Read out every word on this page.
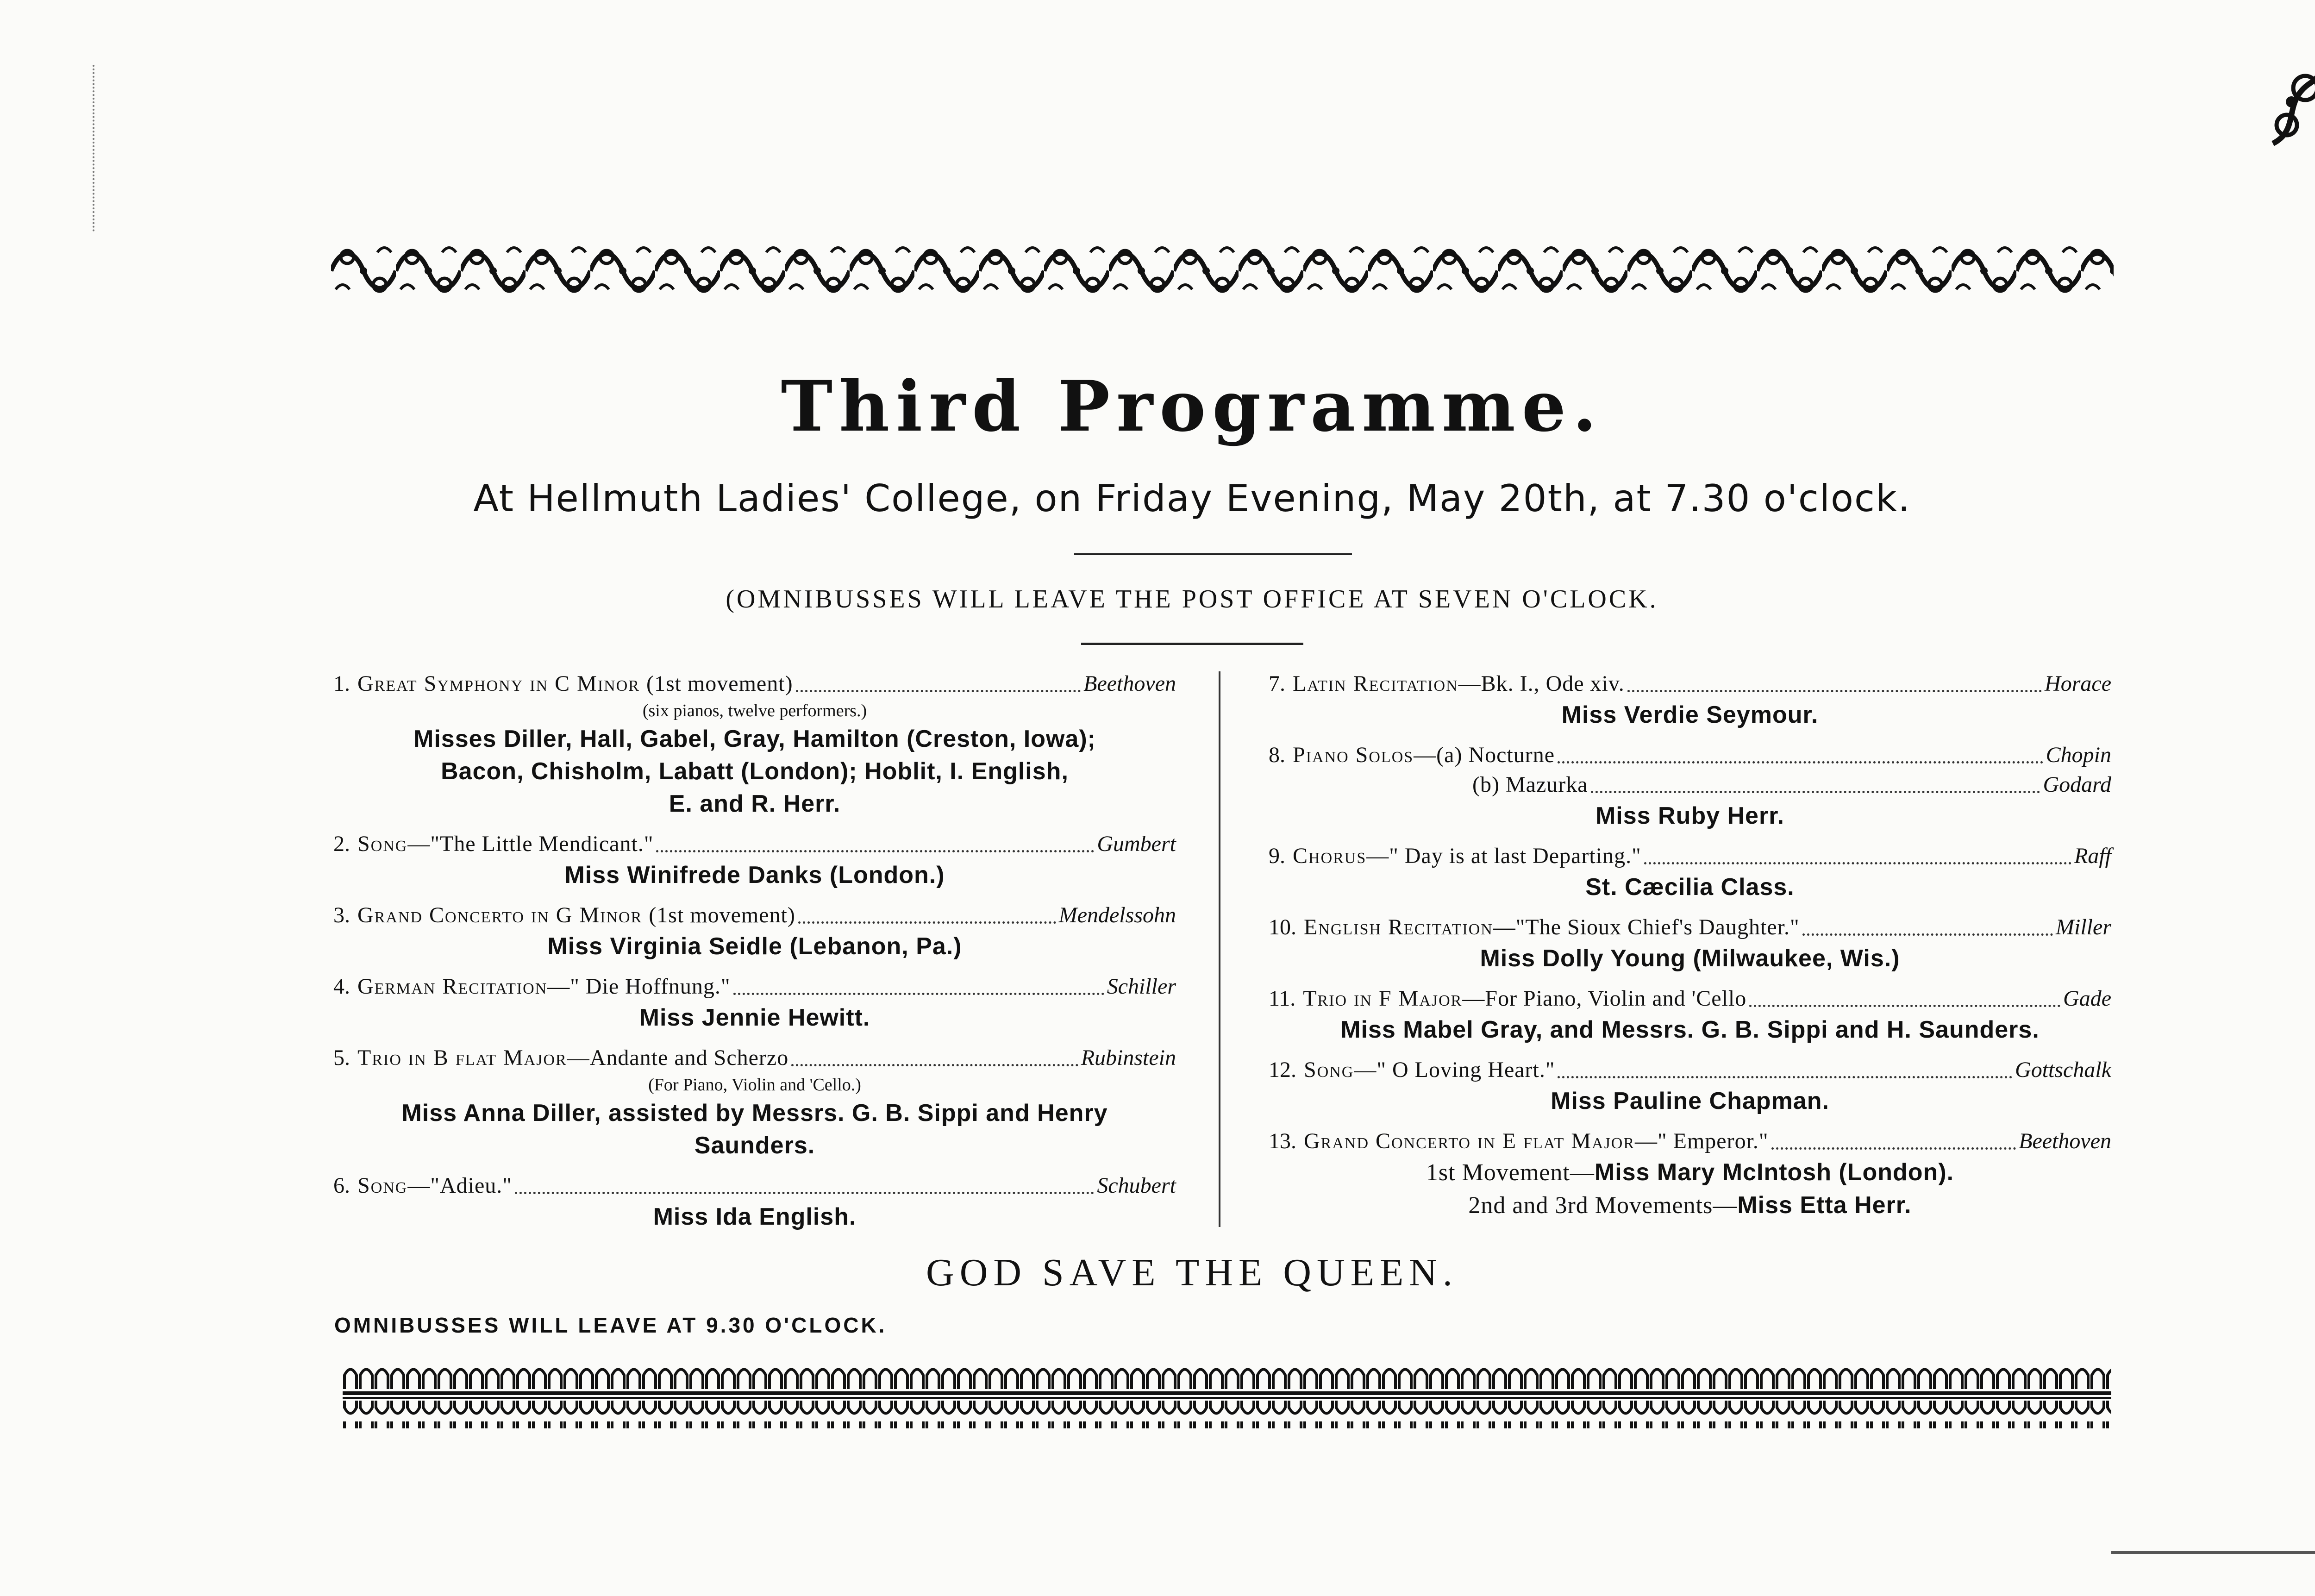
Third Programme.
At Hellmuth Ladies' College, on Friday Evening, May 20th, at 7.30 o'clock.
(OMNIBUSSES WILL LEAVE THE POST OFFICE AT SEVEN O'CLOCK.
1. Great Symphony in C Minor (1st movement)	Beethoven
(six pianos, twelve performers.)
Misses Diller, Hall, Gabel, Gray, Hamilton (Creston, Iowa);
Bacon, Chisholm, Labatt (London); Hoblit, I. English,
E. and R. Herr.
2. Song —"The Little Mendicant."	Gumbert
Miss Winifrede Danks (London.)
3. Grand Concerto in G Minor (1st movement)	Mendelssohn
Miss Virginia Seidle (Lebanon, Pa.)
4. German Recitation —" Die Hoffnung."	Schiller
Miss Jennie Hewitt.
5. Trio in B flat Major —Andante and Scherzo	Rubinstein
(For Piano, Violin and 'Cello.)
Miss Anna Diller, assisted by Messrs. G. B. Sippi and Henry
Saunders.
6. Song —"Adieu."	Schubert
Miss Ida English.
7. Latin Recitation —Bk. I., Ode xiv.	Horace
Miss Verdie Seymour.
8. Piano Solos —(a) Nocturne	Chopin
(b) Mazurka	Godard
Miss Ruby Herr.
9. Chorus —" Day is at last Departing."	Raff
St. Cæcilia Class.
10. English Recitation —"The Sioux Chief's Daughter."	Miller
Miss Dolly Young (Milwaukee, Wis.)
11. Trio in F Major —For Piano, Violin and 'Cello	Gade
Miss Mabel Gray, and Messrs. G. B. Sippi and H. Saunders.
12. Song —" O Loving Heart."	Gottschalk
Miss Pauline Chapman.
13. Grand Concerto in E flat Major —" Emperor."	Beethoven
1st Movement—Miss Mary McIntosh (London).
2nd and 3rd Movements—Miss Etta Herr.
GOD SAVE THE QUEEN.
OMNIBUSSES WILL LEAVE AT 9.30 O'CLOCK.
